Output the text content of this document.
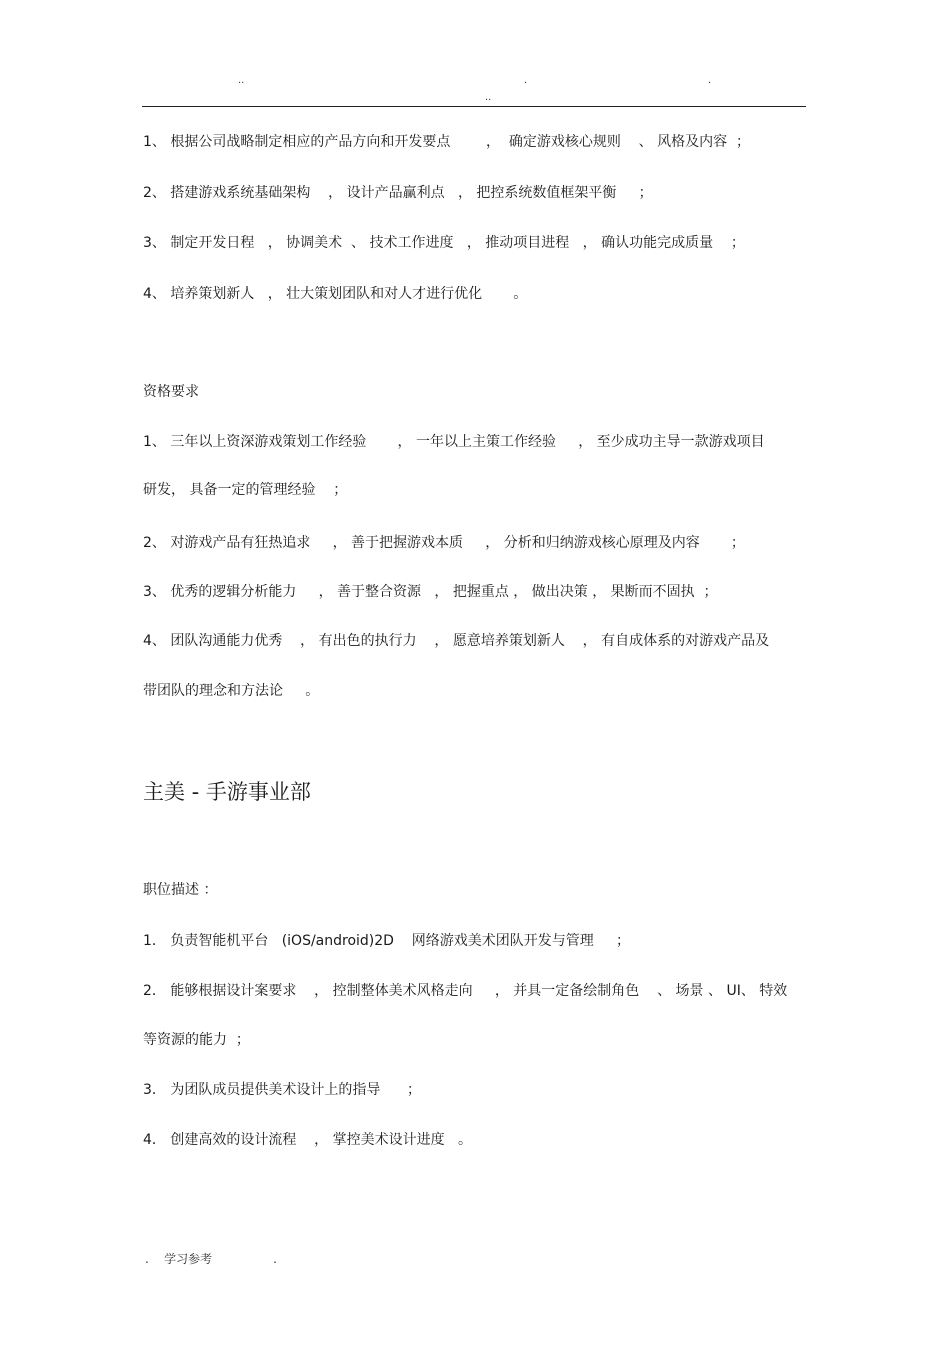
..	.	.
..
1、 根据公司战略制定相应的产品方向和开发要点        ，  确定游戏核心规则    、 风格及内容  ；
2、 搭建游戏系统基础架构    ， 设计产品赢利点   ， 把控系统数值框架平衡     ；
3、 制定开发日程   ， 协调美术  、 技术工作进度   ， 推动项目进程   ， 确认功能完成质量    ；
4、 培养策划新人   ， 壮大策划团队和对人才进行优化       。
资格要求
1、 三年以上资深游戏策划工作经验       ， 一年以上主策工作经验     ， 至少成功主导一款游戏项目
研发， 具备一定的管理经验    ；
2、 对游戏产品有狂热追求     ， 善于把握游戏本质     ， 分析和归纳游戏核心原理及内容       ；
3、 优秀的逻辑分析能力     ， 善于整合资源   ， 把握重点 ， 做出决策 ， 果断而不固执  ；
4、 团队沟通能力优秀    ， 有出色的执行力    ， 愿意培养策划新人    ， 有自成体系的对游戏产品及
带团队的理念和方法论     。
主美 - 手游事业部
职位描述 ：
1． 负责智能机平台   (iOS/android)2D    网络游戏美术团队开发与管理     ；
2． 能够根据设计案要求    ， 控制整体美术风格走向     ， 并具一定备绘制角色    、 场景 、 UI、 特效
等资源的能力  ；
3． 为团队成员提供美术设计上的指导      ；
4． 创建高效的设计流程    ， 掌控美术设计进度   。
.    学习参考                .
